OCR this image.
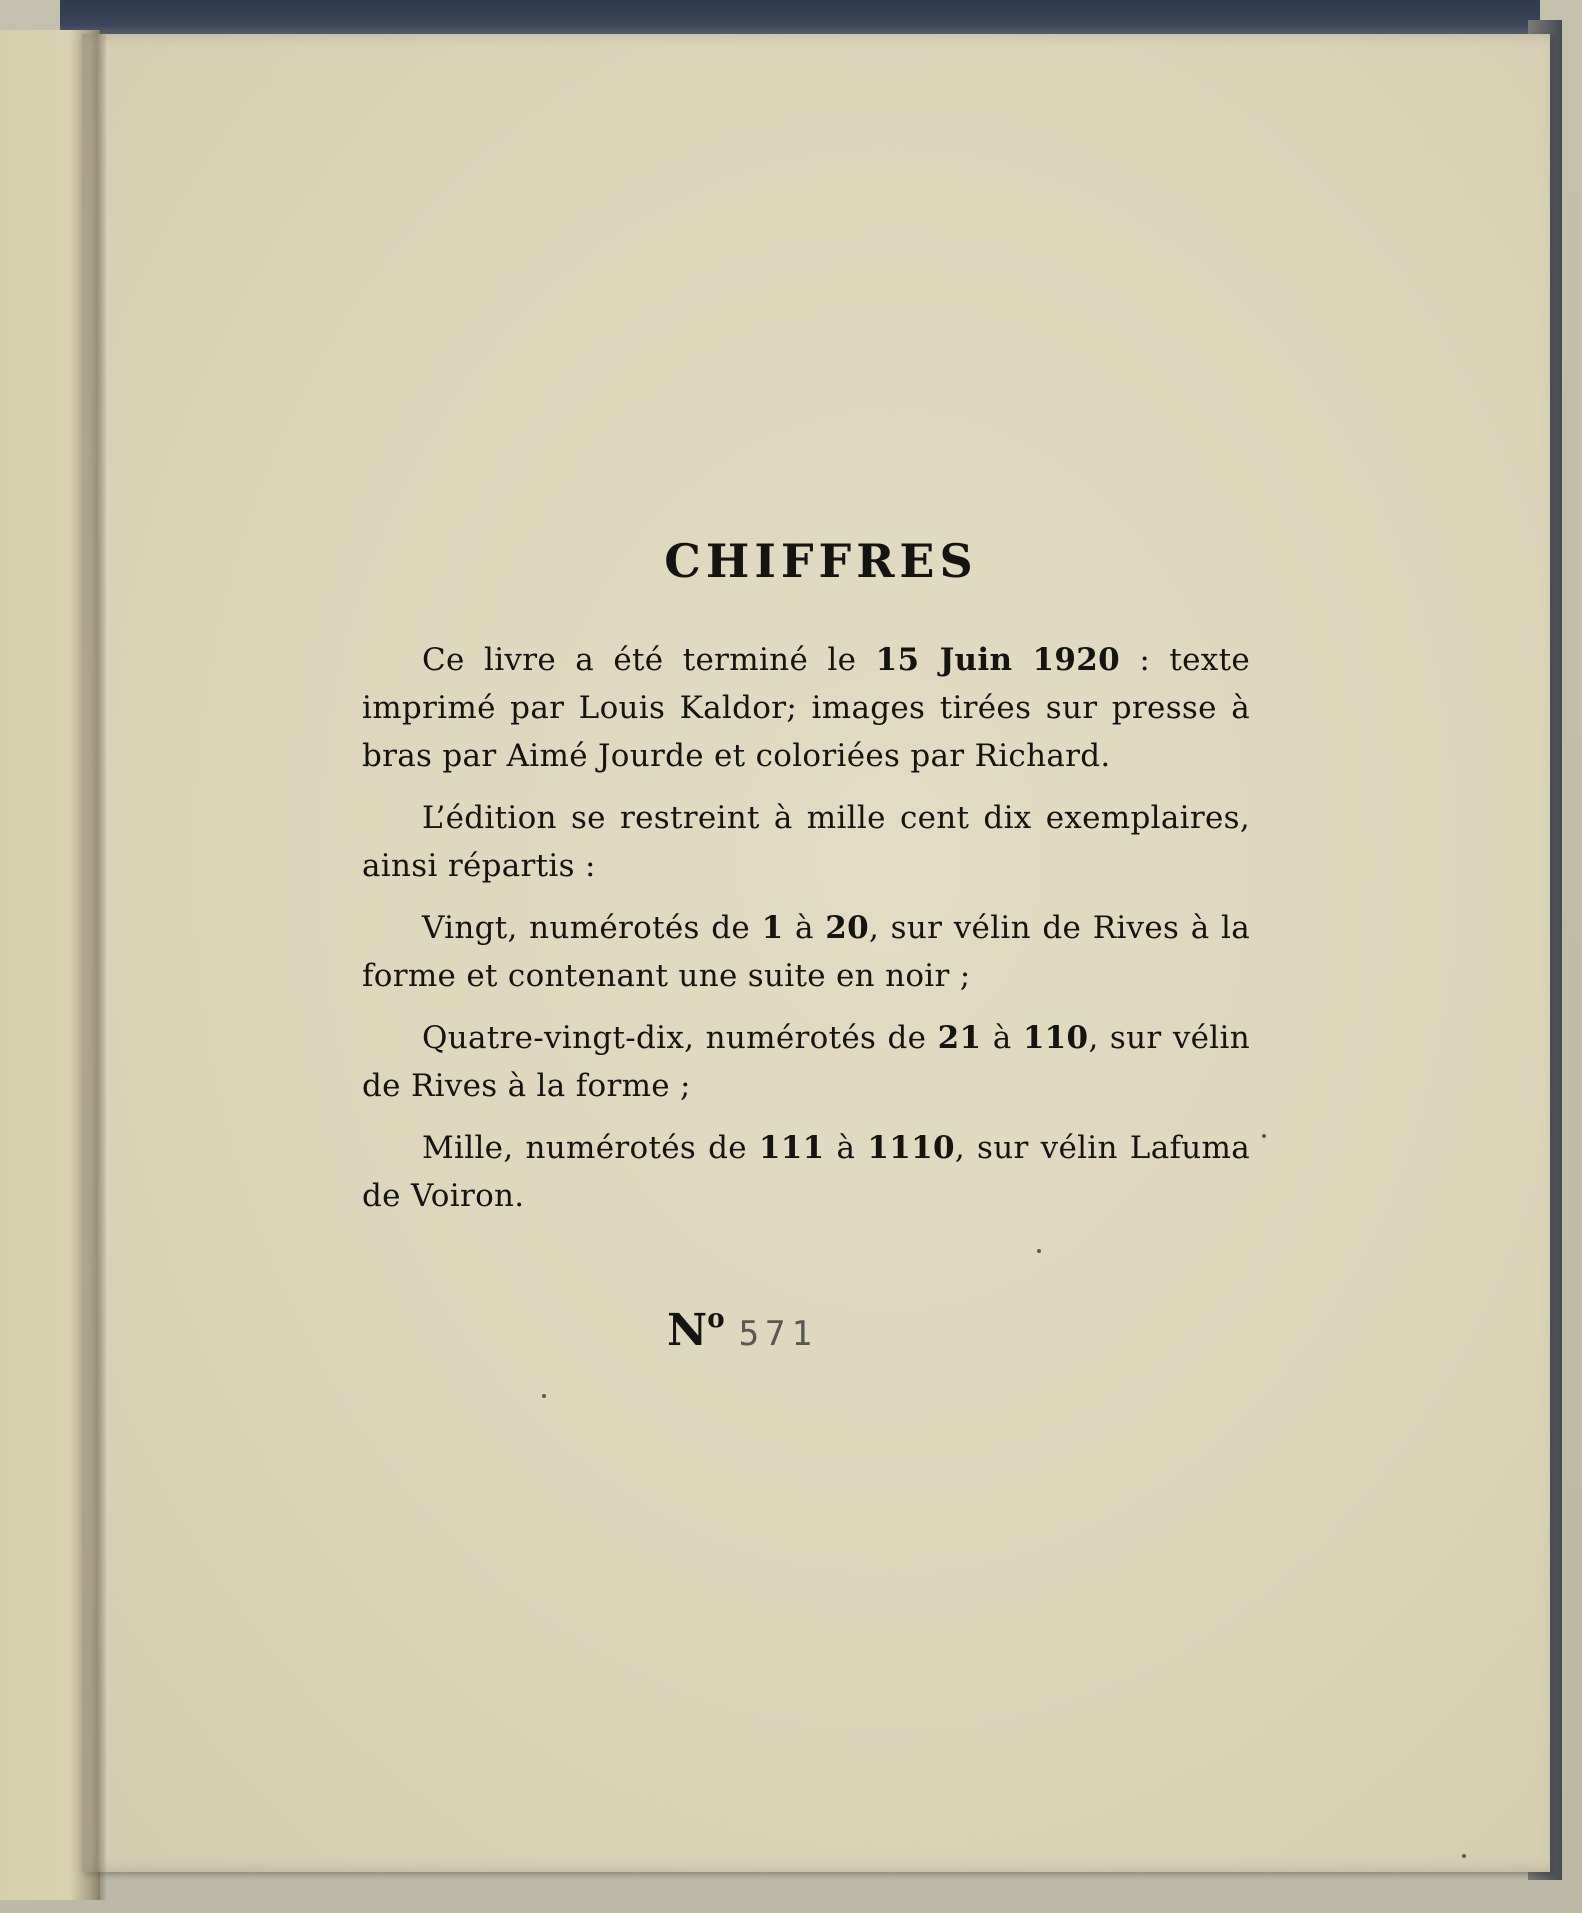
CHIFFRES

Ce livre a été terminé le 15 Juin 1920 : texte imprimé par Louis Kaldor; images tirées sur presse à bras par Aimé Jourde et coloriées par Richard.

L’édition se restreint à mille cent dix exemplaires, ainsi répartis :

Vingt, numérotés de 1 à 20, sur vélin de Rives à la forme et contenant une suite en noir ;

Quatre-vingt-dix, numérotés de 21 à 110, sur vélin de Rives à la forme ;

Mille, numérotés de 111 à 1110, sur vélin Lafuma de Voiron.

$N^o$ 571
